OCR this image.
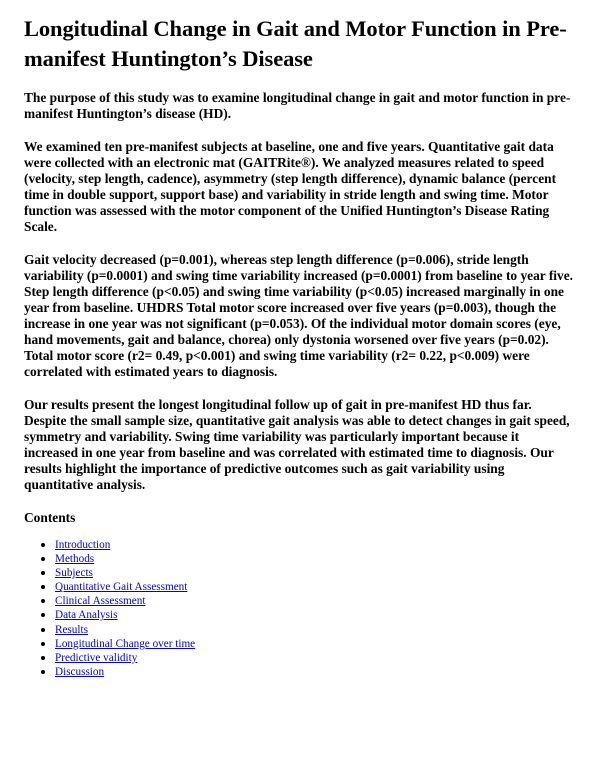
Longitudinal Change in Gait and Motor Function in Pre-manifest Huntington’s Disease

The purpose of this study was to examine longitudinal change in gait and motor function in pre-manifest Huntington’s disease (HD).

We examined ten pre-manifest subjects at baseline, one and five years. Quantitative gait data were collected with an electronic mat (GAITRite®). We analyzed measures related to speed (velocity, step length, cadence), asymmetry (step length difference), dynamic balance (percent time in double support, support base) and variability in stride length and swing time. Motor function was assessed with the motor component of the Unified Huntington’s Disease Rating Scale.

Gait velocity decreased (p=0.001), whereas step length difference (p=0.006), stride length variability (p=0.0001) and swing time variability increased (p=0.0001) from baseline to year five. Step length difference (p<0.05) and swing time variability (p<0.05) increased marginally in one year from baseline. UHDRS Total motor score increased over five years (p=0.003), though the increase in one year was not significant (p=0.053). Of the individual motor domain scores (eye, hand movements, gait and balance, chorea) only dystonia worsened over five years (p=0.02). Total motor score (r2= 0.49, p<0.001) and swing time variability (r2= 0.22, p<0.009) were correlated with estimated years to diagnosis.

Our results present the longest longitudinal follow up of gait in pre-manifest HD thus far. Despite the small sample size, quantitative gait analysis was able to detect changes in gait speed, symmetry and variability. Swing time variability was particularly important because it increased in one year from baseline and was correlated with estimated time to diagnosis. Our results highlight the importance of predictive outcomes such as gait variability using quantitative analysis.

Contents
Introduction
Methods
Subjects
Quantitative Gait Assessment
Clinical Assessment
Data Analysis
Results
Longitudinal Change over time
Predictive validity
Discussion
